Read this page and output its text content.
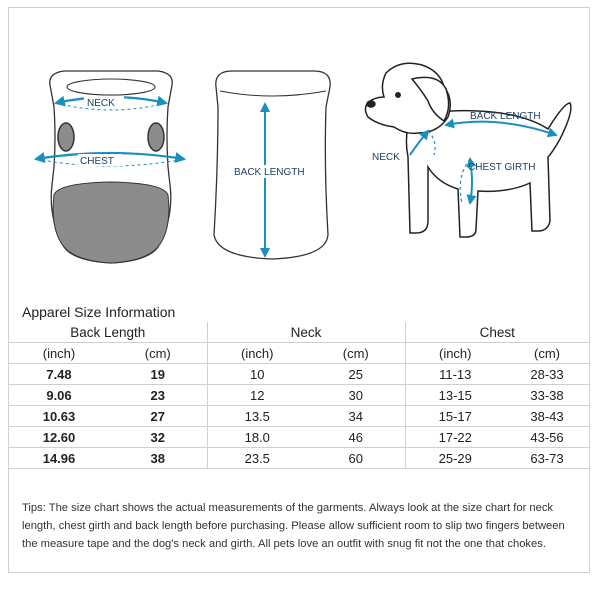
NECK
CHEST
BACK LENGTH
BACK LENGTH
NECK
CHEST GIRTH
Apparel Size Information
Back Length		Neck		Chest	
(inch)	(cm)	(inch)	(cm)	(inch)	(cm)
7.48	19	10	25	11-13	28-33
9.06	23	12	30	13-15	33-38
10.63	27	13.5	34	15-17	38-43
12.60	32	18.0	46	17-22	43-56
14.96	38	23.5	60	25-29	63-73
Tips: The size chart shows the actual measurements of the garments. Always look at the size chart for neck length, chest girth and back length before purchasing. Please allow sufficient room to slip two fingers between the measure tape and the dog's neck and girth. All pets love an outfit with snug fit not the one that chokes.
